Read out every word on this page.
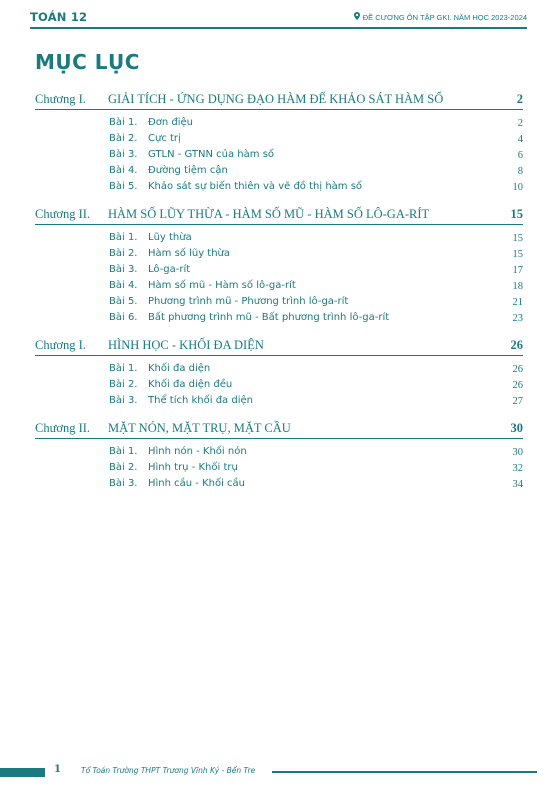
TOÁN 12	ĐỀ CƯƠNG ÔN TẬP GKI. NĂM HỌC 2023-2024
MỤC LỤC
Chương I. GIẢI TÍCH - ỨNG DỤNG ĐẠO HÀM ĐỂ KHẢO SÁT HÀM SỐ	2
Bài 1. Đơn điệu	2
Bài 2. Cực trị	4
Bài 3. GTLN - GTNN của hàm số	6
Bài 4. Đường tiệm cận	8
Bài 5. Khảo sát sự biến thiên và vẽ đồ thị hàm số	10
Chương II. HÀM SỐ LŨY THỪA - HÀM SỐ MŨ - HÀM SỐ LÔ-GA-RÍT	15
Bài 1. Lũy thừa	15
Bài 2. Hàm số lũy thừa	15
Bài 3. Lô-ga-rít	17
Bài 4. Hàm số mũ - Hàm số lô-ga-rít	18
Bài 5. Phương trình mũ - Phương trình lô-ga-rít	21
Bài 6. Bất phương trình mũ - Bất phương trình lô-ga-rít	23
Chương I. HÌNH HỌC - KHỐI ĐA DIỆN	26
Bài 1. Khối đa diện	26
Bài 2. Khối đa diện đều	26
Bài 3. Thể tích khối đa diện	27
Chương II. MẶT NÓN, MẶT TRỤ, MẶT CẦU	30
Bài 1. Hình nón - Khối nón	30
Bài 2. Hình trụ - Khối trụ	32
Bài 3. Hình cầu - Khối cầu	34
1	Tổ Toán Trường THPT Trương Vĩnh Ký - Bến Tre
